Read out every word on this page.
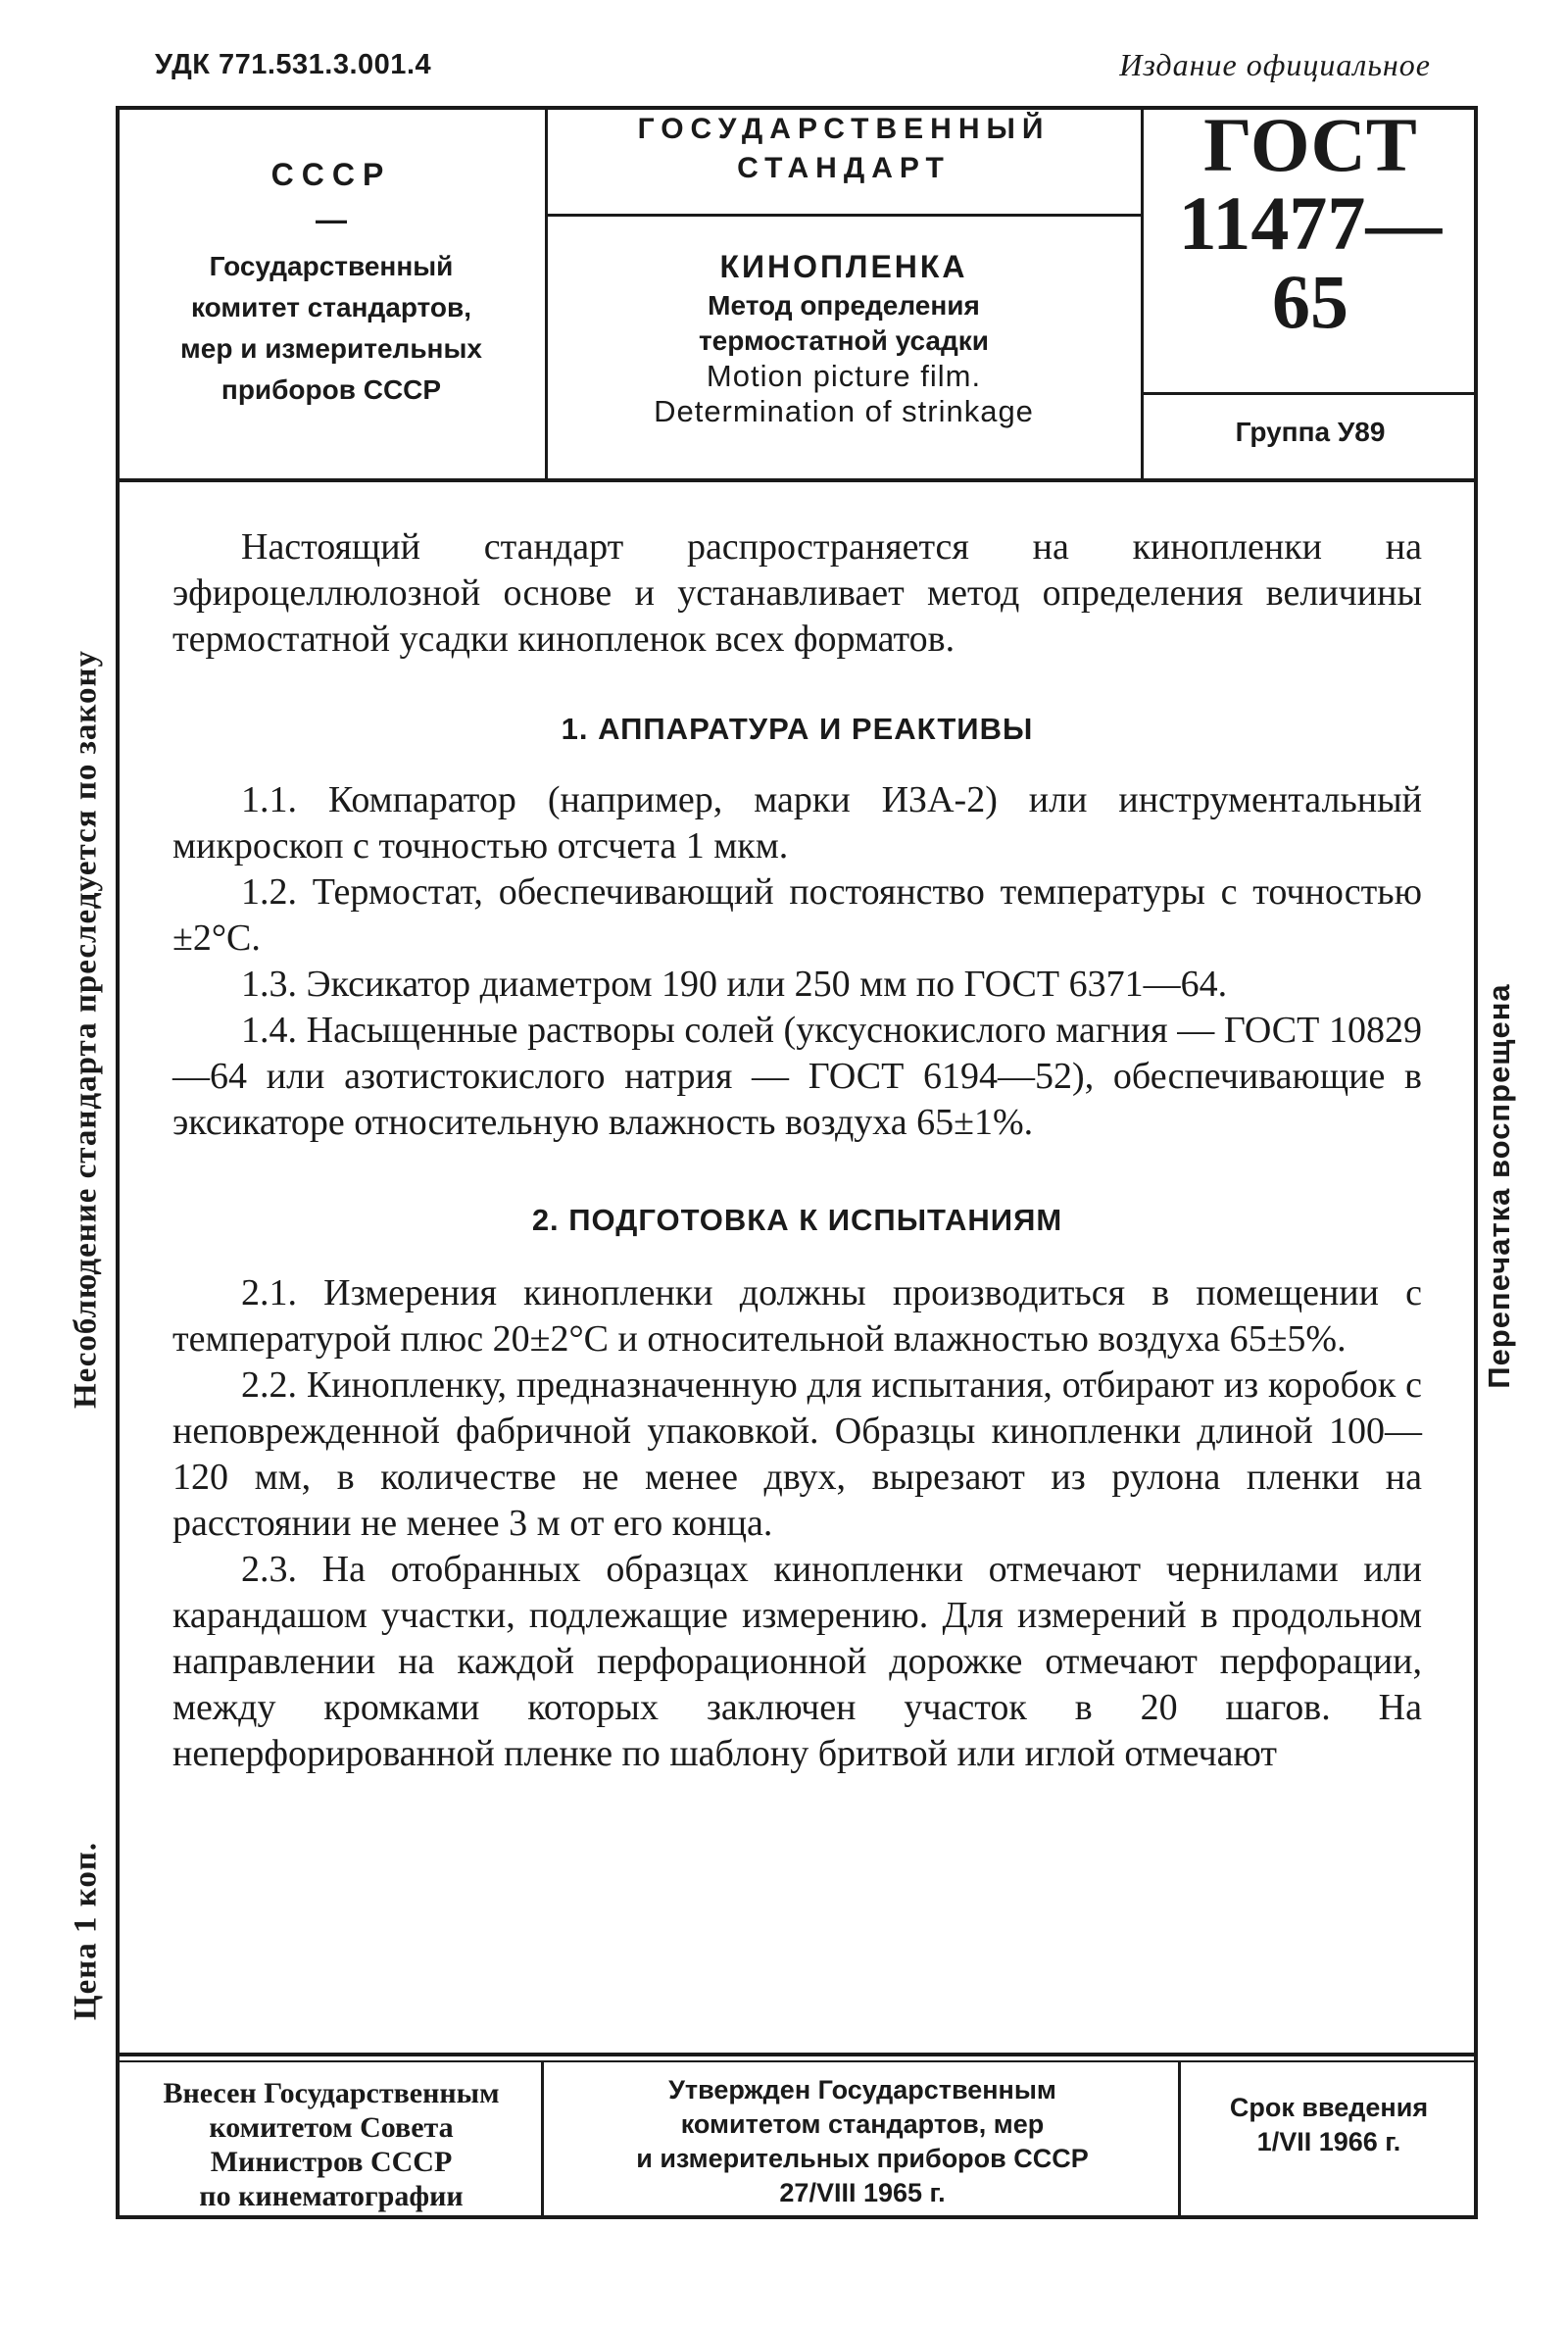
УДК 771.531.3.001.4	Издание официальное
СССР
—
Государственный
комитет стандартов,
мер и измерительных
приборов СССР
ГОСУДАРСТВЕННЫЙ
СТАНДАРТ
КИНОПЛЕНКА
Метод определения
термостатной усадки
Motion picture film.
Determination of strinkage
ГОСТ
11477—65
Группа У89

Настоящий стандарт распространяется на кинопленки на эфироцеллюлозной основе и устанавливает метод определения величины термостатной усадки кинопленок всех форматов.

1. АППАРАТУРА И РЕАКТИВЫ

1.1. Компаратор (например, марки ИЗА-2) или инструментальный микроскоп с точностью отсчета 1 мкм.

1.2. Термостат, обеспечивающий постоянство температуры с точностью ±2°С.

1.3. Эксикатор диаметром 190 или 250 мм по ГОСТ 6371—64.

1.4. Насыщенные растворы солей (уксуснокислого магния — ГОСТ 10829—64 или азотистокислого натрия — ГОСТ 6194—52), обеспечивающие в эксикаторе относительную влажность воздуха 65±1%.

2. ПОДГОТОВКА К ИСПЫТАНИЯМ

2.1. Измерения кинопленки должны производиться в помещении с температурой плюс 20±2°С и относительной влажностью воздуха 65±5%.

2.2. Кинопленку, предназначенную для испытания, отбирают из коробок с неповрежденной фабричной упаковкой. Образцы кинопленки длиной 100—120 мм, в количестве не менее двух, вырезают из рулона пленки на расстоянии не менее 3 м от его конца.

2.3. На отобранных образцах кинопленки отмечают чернилами или карандашом участки, подлежащие измерению. Для измерений в продольном направлении на каждой перфорационной дорожке отмечают перфорации, между кромками которых заключен участок в 20 шагов. На неперфорированной пленке по шаблону бритвой или иглой отмечают

Несоблюдение стандарта преследуется по закону
Цена 1 коп.
Перепечатка воспрещена
Внесен Государственным
комитетом Совета
Министров СССР
по кинематографии
Утвержден Государственным
комитетом стандартов, мер
и измерительных приборов СССР
27/VIII 1965 г.
Срок введения
1/VII 1966 г.
